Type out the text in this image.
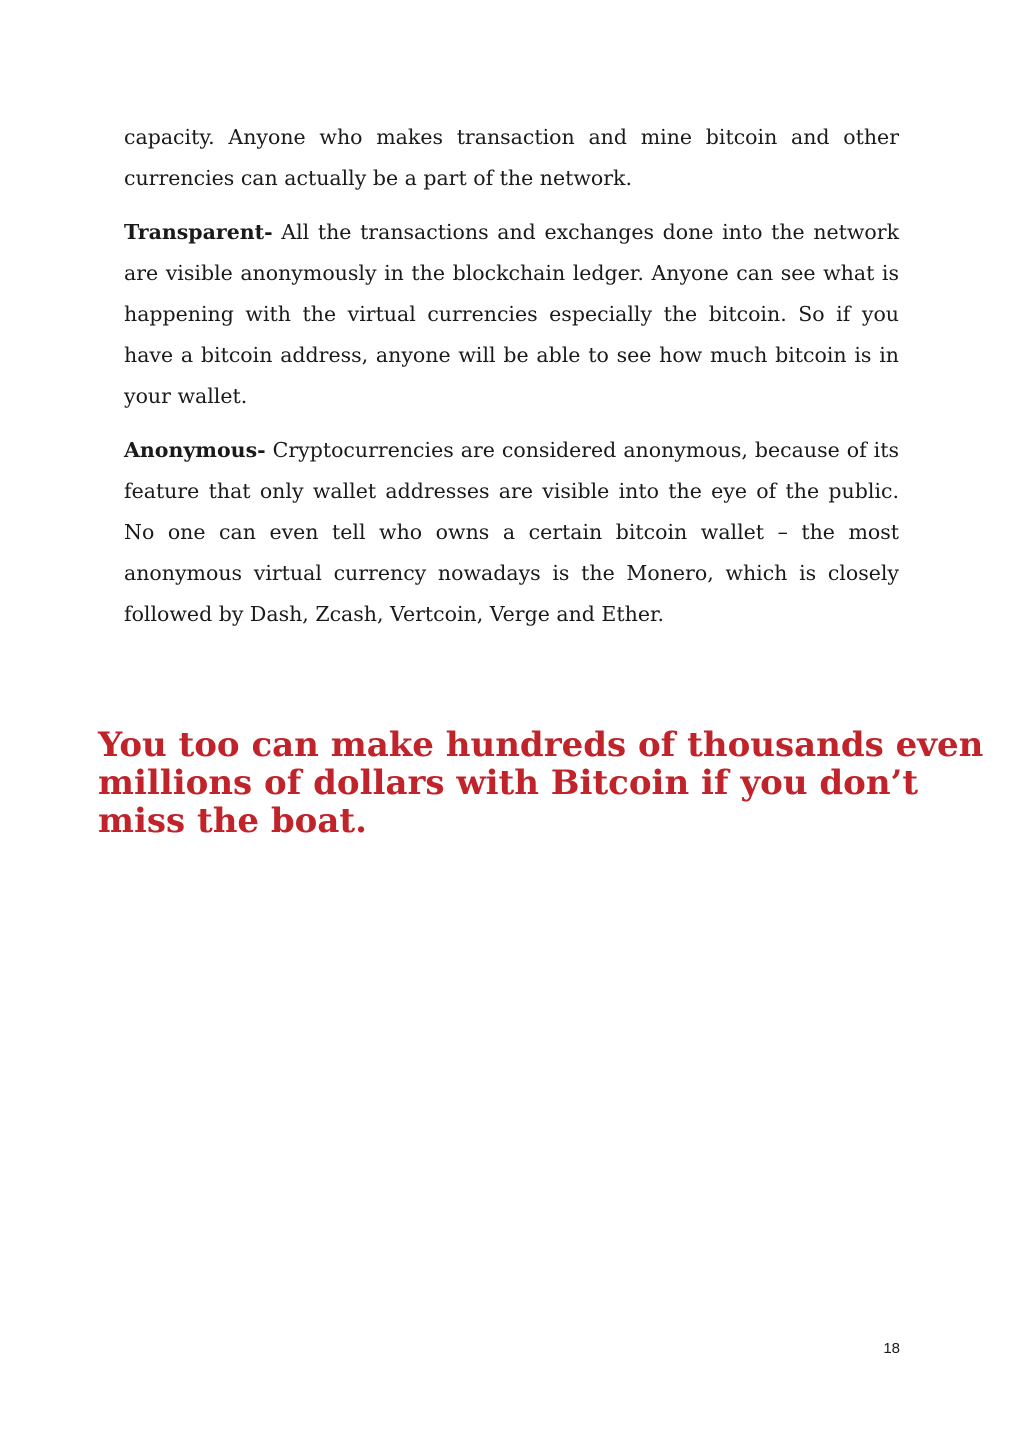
capacity. Anyone who makes transaction and mine bitcoin and other currencies can actually be a part of the network.

Transparent- All the transactions and exchanges done into the network are visible anonymously in the blockchain ledger. Anyone can see what is happening with the virtual currencies especially the bitcoin. So if you have a bitcoin address, anyone will be able to see how much bitcoin is in your wallet.

Anonymous- Cryptocurrencies are considered anonymous, because of its feature that only wallet addresses are visible into the eye of the public. No one can even tell who owns a certain bitcoin wallet – the most anonymous virtual currency nowadays is the Monero, which is closely followed by Dash, Zcash, Vertcoin, Verge and Ether.

You too can make hundreds of thousands even millions of dollars with Bitcoin if you don’t miss the boat.
18
